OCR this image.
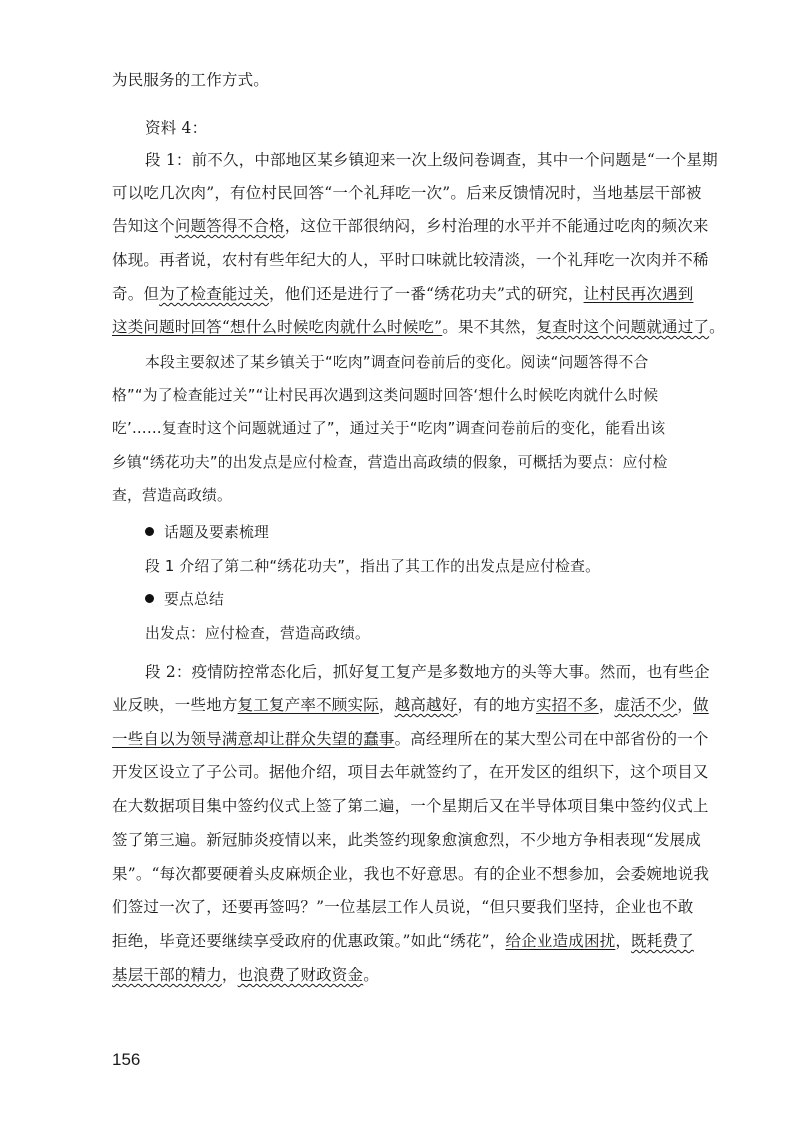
为民服务的工作方式。
资料 4：
段 1：前不久，中部地区某乡镇迎来一次上级问卷调查，其中一个问题是“一个星期
可以吃几次肉”，有位村民回答“一个礼拜吃一次”。后来反馈情况时，当地基层干部被
告知这个问题答得不合格，这位干部很纳闷，乡村治理的水平并不能通过吃肉的频次来
体现。再者说，农村有些年纪大的人，平时口味就比较清淡，一个礼拜吃一次肉并不稀
奇。但为了检查能过关，他们还是进行了一番“绣花功夫”式的研究，让村民再次遇到
这类问题时回答“想什么时候吃肉就什么时候吃”。果不其然，复查时这个问题就通过了。
本段主要叙述了某乡镇关于“吃肉”调查问卷前后的变化。阅读“问题答得不合
格”“为了检查能过关”“让村民再次遇到这类问题时回答‘想什么时候吃肉就什么时候
吃’……复查时这个问题就通过了”，通过关于“吃肉”调查问卷前后的变化，能看出该
乡镇“绣花功夫”的出发点是应付检查，营造出高政绩的假象，可概括为要点：应付检
查，营造高政绩。
话题及要素梳理
段 1 介绍了第二种“绣花功夫”，指出了其工作的出发点是应付检查。
要点总结
出发点：应付检查，营造高政绩。
段 2：疫情防控常态化后，抓好复工复产是多数地方的头等大事。然而，也有些企
业反映，一些地方复工复产率不顾实际，越高越好，有的地方实招不多，虚活不少，做
一些自以为领导满意却让群众失望的蠢事。高经理所在的某大型公司在中部省份的一个
开发区设立了子公司。据他介绍，项目去年就签约了，在开发区的组织下，这个项目又
在大数据项目集中签约仪式上签了第二遍，一个星期后又在半导体项目集中签约仪式上
签了第三遍。新冠肺炎疫情以来，此类签约现象愈演愈烈，不少地方争相表现“发展成
果”。“每次都要硬着头皮麻烦企业，我也不好意思。有的企业不想参加，会委婉地说我
们签过一次了，还要再签吗？”一位基层工作人员说，“但只要我们坚持，企业也不敢
拒绝，毕竟还要继续享受政府的优惠政策。”如此“绣花”，给企业造成困扰，既耗费了
基层干部的精力，也浪费了财政资金。
156
